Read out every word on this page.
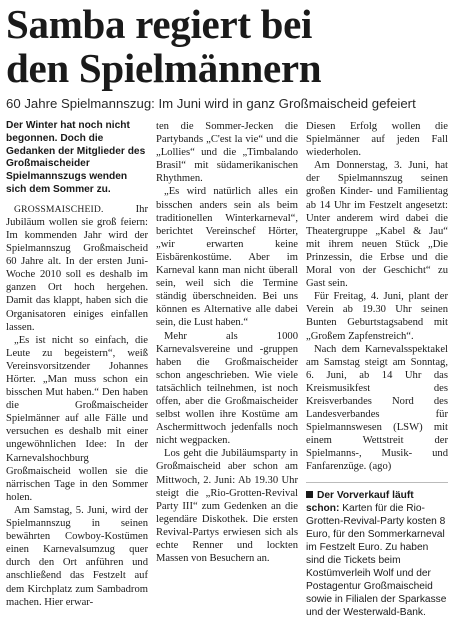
Samba regiert bei
den Spielmännern
60 Jahre Spielmannszug: Im Juni wird in ganz Großmaischeid gefeiert

Der Winter hat noch nicht begonnen. Doch die Gedanken der Mitglieder des Großmaischeider Spielmannszugs wenden sich dem Sommer zu.

GROSSMAISCHEID. Ihr Jubiläum wollen sie groß feiern: Im kommenden Jahr wird der Spielmannszug Großmaischeid 60 Jahre alt. In der ersten Juni-Woche 2010 soll es deshalb im ganzen Ort hoch hergehen. Damit das klappt, haben sich die Organisatoren einiges einfallen lassen.

„Es ist nicht so einfach, die Leute zu begeistern“, weiß Vereinsvorsitzender Johannes Hörter. „Man muss schon ein bisschen Mut haben.“ Den haben die Großmaischeider Spielmänner auf alle Fälle und versuchen es deshalb mit einer ungewöhnlichen Idee: In der Karnevalshochburg Großmaischeid wollen sie die närrischen Tage in den Sommer holen.

Am Samstag, 5. Juni, wird der Spielmannszug in seinen bewährten Cowboy-Kostümen einen Karnevalsumzug quer durch den Ort anführen und anschließend das Festzelt auf dem Kirchplatz zum Sambadrom machen. Hier erwar-

ten die Sommer-Jecken die Partybands „C'est la vie“ und die „Lollies“ und die „Timbalando Brasil“ mit südamerikanischen Rhythmen.

„Es wird natürlich alles ein bisschen anders sein als beim traditionellen Winterkarneval“, berichtet Vereinschef Hörter, „wir erwarten keine Eisbärenkostüme. Aber im Karneval kann man nicht überall sein, weil sich die Termine ständig überschneiden. Bei uns können es Alternative alle dabei sein, die Lust haben.“

Mehr als 1000 Karnevalsvereine und -gruppen haben die Großmaischeider schon angeschrieben. Wie viele tatsächlich teilnehmen, ist noch offen, aber die Großmaischeider selbst wollen ihre Kostüme am Aschermittwoch jedenfalls noch nicht wegpacken.

Los geht die Jubiläumsparty in Großmaischeid aber schon am Mittwoch, 2. Juni: Ab 19.30 Uhr steigt die „Rio-Grotten-Revival Party III“ zum Gedenken an die legendäre Diskothek. Die ersten Revival-Partys erwiesen sich als echte Renner und lockten Massen von Besuchern an.

Diesen Erfolg wollen die Spielmänner auf jeden Fall wiederholen.

Am Donnerstag, 3. Juni, hat der Spielmannszug seinen großen Kinder- und Familientag ab 14 Uhr im Festzelt angesetzt: Unter anderem wird dabei die Theatergruppe „Kabel & Jau“ mit ihrem neuen Stück „Die Prinzessin, die Erbse und die Moral von der Geschicht“ zu Gast sein.

Für Freitag, 4. Juni, plant der Verein ab 19.30 Uhr seinen Bunten Geburtstagsabend mit „Großem Zapfenstreich“.

Nach dem Karnevalsspektakel am Samstag steigt am Sonntag, 6. Juni, ab 14 Uhr das Kreismusikfest des Kreisverbandes Nord des Landesverbandes für Spielmannswesen (LSW) mit einem Wettstreit der Spielmanns-, Musik- und Fanfarenzüge. (ago)

Der Vorverkauf läuft schon: Karten für die Rio-Grotten-Revival-Party kosten 8 Euro, für den Sommerkarneval im Festzelt Euro. Zu haben sind die Tickets beim Kostümverleih Wolf und der Postagentur Großmaischeid sowie in Filialen der Sparkasse und der Westerwald-Bank.
